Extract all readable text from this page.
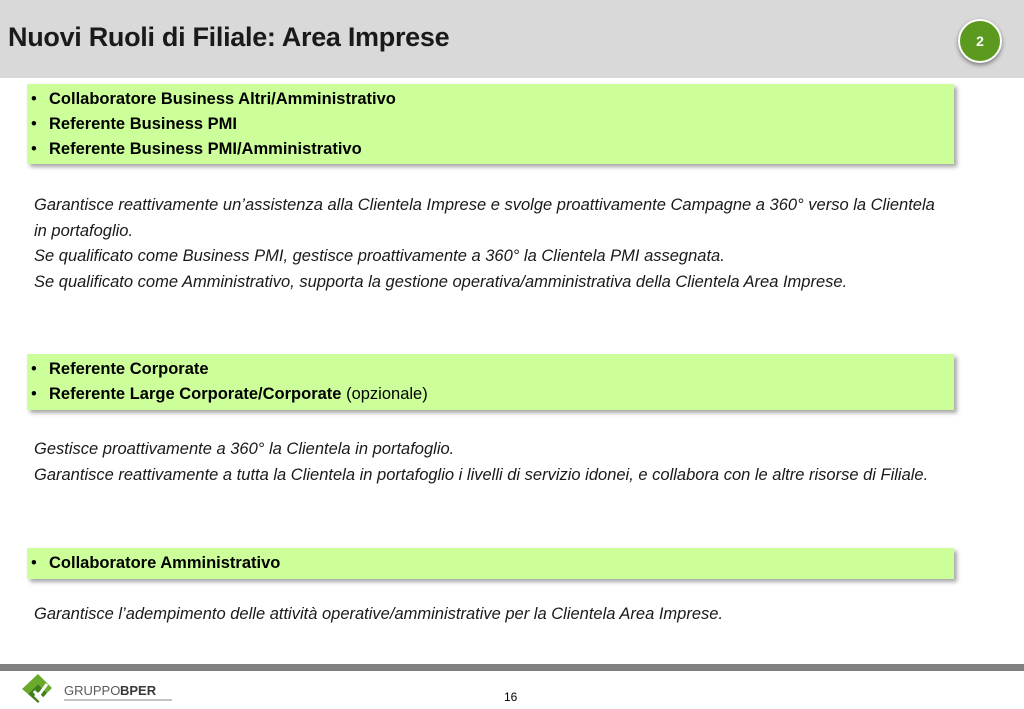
Nuovi Ruoli di Filiale: Area Imprese	2
• Collaboratore Business Altri/Amministrativo
• Referente Business PMI
• Referente Business PMI/Amministrativo

Garantisce reattivamente un’assistenza alla Clientela Imprese e svolge proattivamente Campagne a 360° verso la Clientela in portafoglio.

Se qualificato come Business PMI, gestisce proattivamente a 360° la Clientela PMI assegnata.

Se qualificato come Amministrativo, supporta la gestione operativa/amministrativa della Clientela Area Imprese.

• Referente Corporate
• Referente Large Corporate/Corporate (opzionale)

Gestisce proattivamente a 360° la Clientela in portafoglio.

Garantisce reattivamente a tutta la Clientela in portafoglio i livelli di servizio idonei, e collabora con le altre risorse di Filiale.

• Collaboratore Amministrativo

Garantisce l’adempimento delle attività operative/amministrative per la Clientela Area Imprese.

GRUPPO BPER	16
